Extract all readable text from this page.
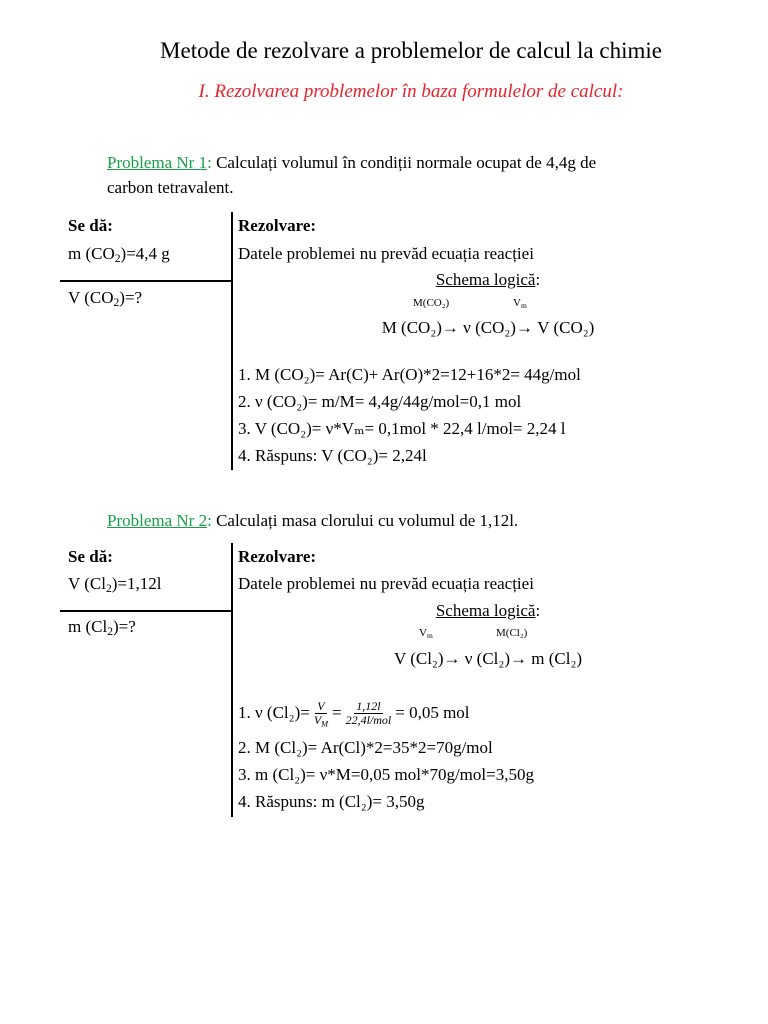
Metode de rezolvare a problemelor de calcul la chimie
I. Rezolvarea problemelor în baza formulelor de calcul:
Problema Nr 1: Calculați volumul în condiții normale ocupat de 4,4g de
carbon tetravalent.
Se dă:
m $(CO_2)=4,4$ g
V $(CO_2)=$?
Rezolvare:
Datele problemei nu prevăd ecuația reacției
Schema logică:
M(CO₂)	$V_m$
M (CO₂)→ ν (CO₂)→ V (CO₂)
1. M (CO₂)= Ar(C)+ Ar(O)*2=12+16*2= 44g/mol
2. ν (CO₂)= m/M= 4,4g/44g/mol=0,1 mol
3. V (CO₂)= ν*Vₘ= 0,1mol * 22,4 l/mol= 2,24 l
4. Răspuns: V (CO₂)= 2,24l
Problema Nr 2: Calculați masa clorului cu volumul de 1,12l.
Se dă:
V $(Cl_2)=1,12l$
m $(Cl_2)=$?
Rezolvare:
Datele problemei nu prevăd ecuația reacției
Schema logică:
$V_m$	M(Cl₂)
V (Cl₂)→ ν (Cl₂)→ m (Cl₂)
1. ν $(Cl_2)= \frac{V}{V_M} = \frac{1,12l}{\text{22,4l/mol}} = 0,05$ mol
2. M (Cl₂)= Ar(Cl)*2=35*2=70g/mol
3. m (Cl₂)= ν*M=0,05 mol*70g/mol=3,50g
4. Răspuns: m (Cl₂)= 3,50g
